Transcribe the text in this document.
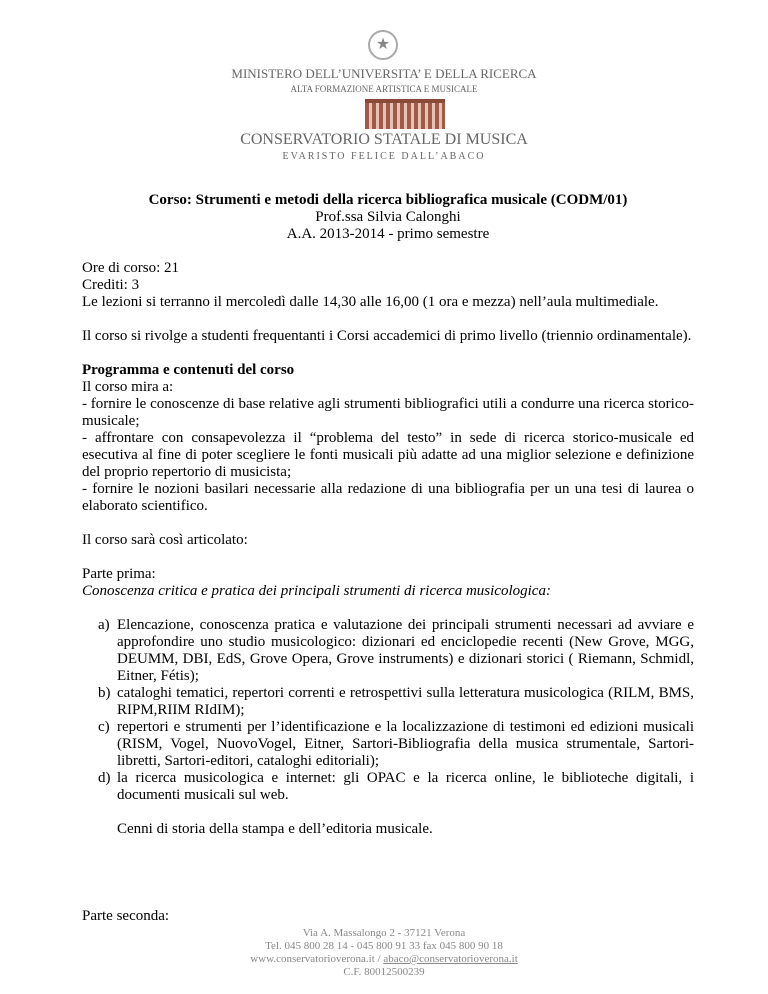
★
MINISTERO DELL’UNIVERSITA’ E DELLA RICERCA
ALTA FORMAZIONE ARTISTICA E MUSICALE
CONSERVATORIO STATALE DI MUSICA
EVARISTO FELICE DALL’ABACO

Corso: Strumenti e metodi della ricerca bibliografica musicale (CODM/01)

Prof.ssa Silvia Calonghi

A.A. 2013-2014 - primo semestre

Ore di corso: 21

Crediti: 3

Le lezioni si terranno il mercoledì dalle 14,30 alle 16,00 (1 ora e mezza) nell’aula multimediale.

Il corso si rivolge a studenti frequentanti i Corsi accademici di primo livello (triennio ordinamentale).

Programma e contenuti del corso

Il corso mira a:

- fornire le conoscenze di base relative agli strumenti bibliografici utili a condurre una ricerca storico-musicale;

- affrontare con consapevolezza il “problema del testo” in sede di ricerca storico-musicale ed esecutiva al fine di poter scegliere le fonti musicali più adatte ad una miglior selezione e definizione del proprio repertorio di musicista;

- fornire le nozioni basilari necessarie alla redazione di una bibliografia per un una tesi di laurea o elaborato scientifico.

Il corso sarà così articolato:

Parte prima:

Conoscenza critica e pratica dei principali strumenti di ricerca musicologica:

a) Elencazione, conoscenza pratica e valutazione dei principali strumenti necessari ad avviare e approfondire uno studio musicologico: dizionari ed enciclopedie recenti (New Grove, MGG, DEUMM, DBI, EdS, Grove Opera, Grove instruments) e dizionari storici ( Riemann, Schmidl, Eitner, Fétis);
b) cataloghi tematici, repertori correnti e retrospettivi sulla letteratura musicologica (RILM, BMS, RIPM,RIIM RIdIM);
c) repertori e strumenti per l’identificazione e la localizzazione di testimoni ed edizioni musicali (RISM, Vogel, NuovoVogel, Eitner, Sartori-Bibliografia della musica strumentale, Sartori-libretti, Sartori-editori, cataloghi editoriali);
d) la ricerca musicologica e internet: gli OPAC e la ricerca online, le biblioteche digitali, i documenti musicali sul web.

Cenni di storia della stampa e dell’editoria musicale.

Parte seconda:

Via A. Massalongo 2 - 37121 Verona
Tel. 045 800 28 14 - 045 800 91 33 fax 045 800 90 18
www.conservatorioverona.it / abaco@conservatorioverona.it
C.F. 80012500239
